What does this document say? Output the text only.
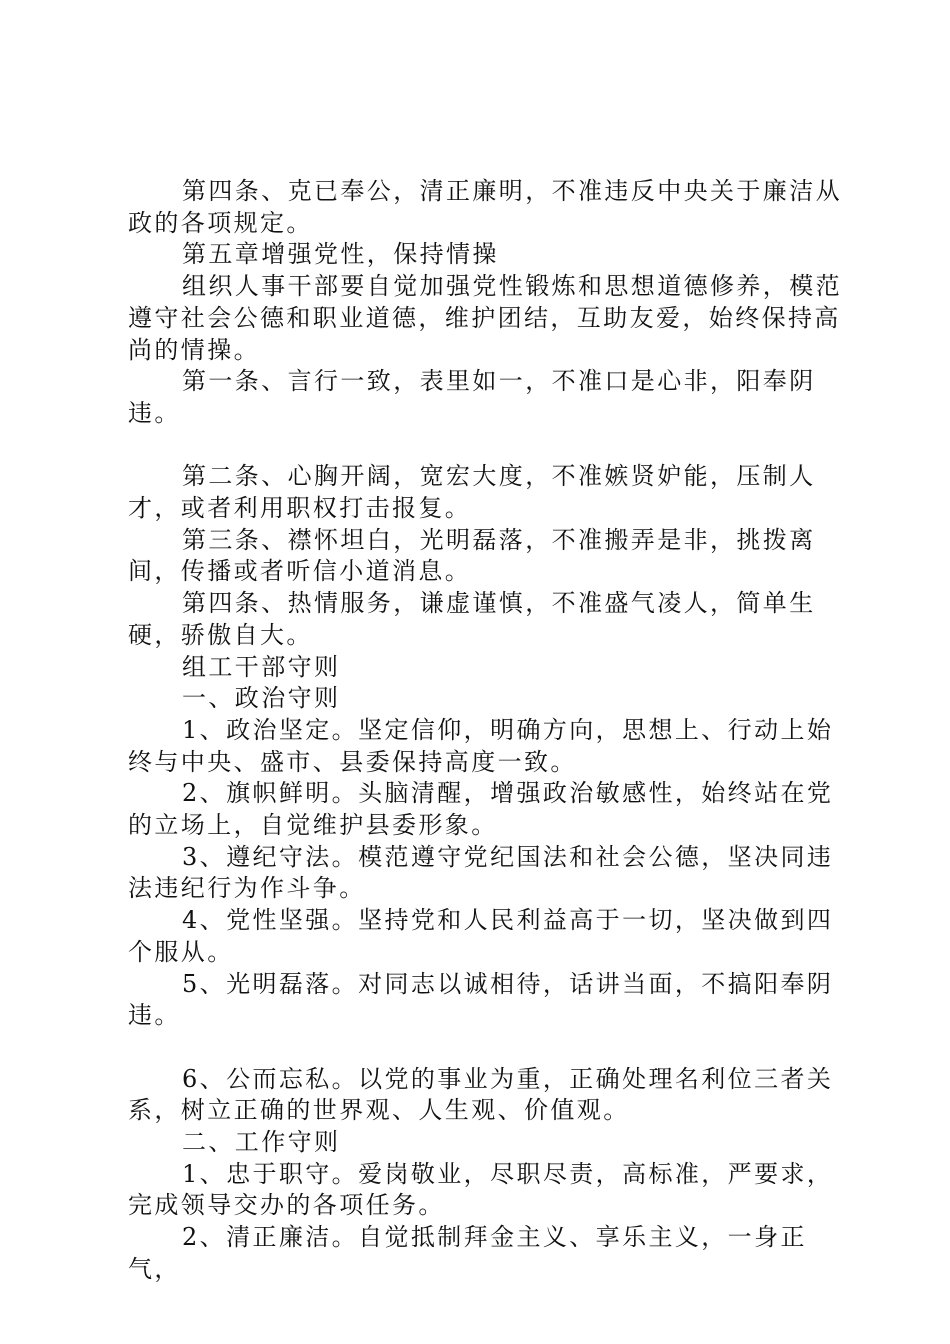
第四条、克已奉公，清正廉明，不准违反中央关于廉洁从政的各项规定。

第五章增强党性，保持情操

组织人事干部要自觉加强党性锻炼和思想道德修养，模范遵守社会公德和职业道德，维护团结，互助友爱，始终保持高尚的情操。

第一条、言行一致，表里如一，不准口是心非，阳奉阴违。

第二条、心胸开阔，宽宏大度，不准嫉贤妒能，压制人才，或者利用职权打击报复。

第三条、襟怀坦白，光明磊落，不准搬弄是非，挑拨离间，传播或者听信小道消息。

第四条、热情服务，谦虚谨慎，不准盛气凌人，简单生硬，骄傲自大。

组工干部守则

一、政治守则

1、政治坚定。坚定信仰，明确方向，思想上、行动上始终与中央、盛市、县委保持高度一致。

2、旗帜鲜明。头脑清醒，增强政治敏感性，始终站在党的立场上，自觉维护县委形象。

3、遵纪守法。模范遵守党纪国法和社会公德，坚决同违法违纪行为作斗争。

4、党性坚强。坚持党和人民利益高于一切，坚决做到四个服从。

5、光明磊落。对同志以诚相待，话讲当面，不搞阳奉阴违。

6、公而忘私。以党的事业为重，正确处理名利位三者关系，树立正确的世界观、人生观、价值观。

二、工作守则

1、忠于职守。爱岗敬业，尽职尽责，高标准，严要求，完成领导交办的各项任务。

2、清正廉洁。自觉抵制拜金主义、享乐主义，一身正气，
